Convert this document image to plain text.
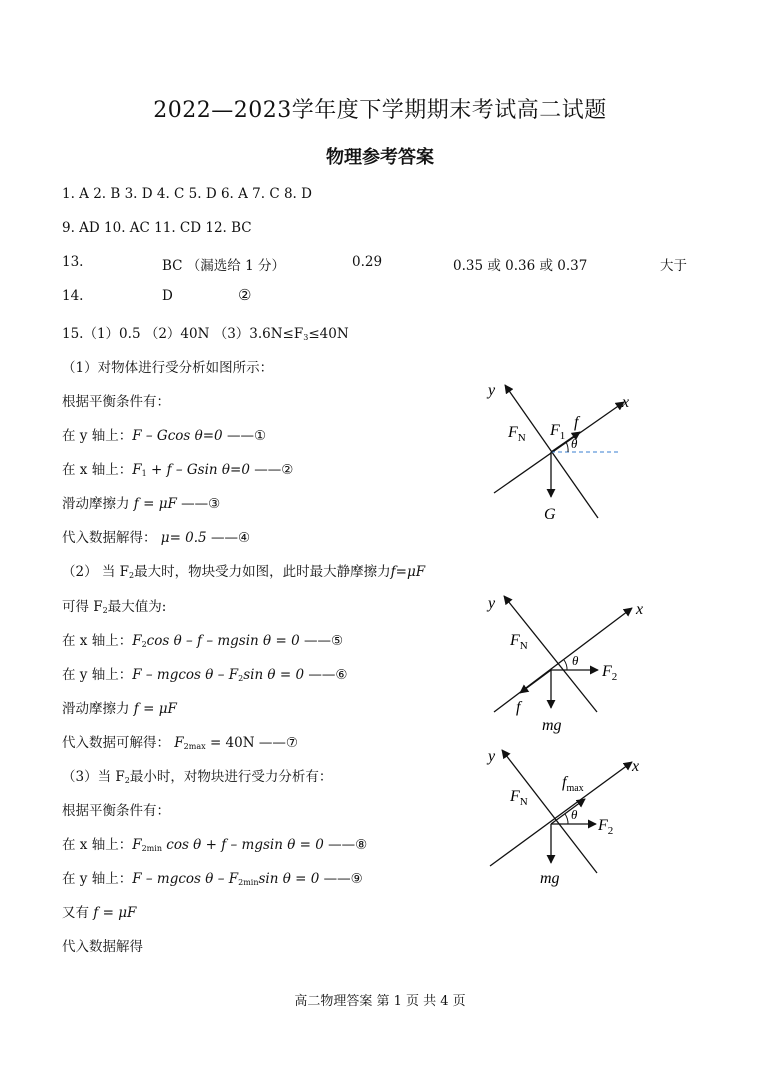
2022—2023学年度下学期期末考试高二试题
物理参考答案
1. A 2. B 3. D 4. C 5. D 6. A 7. C 8. D
9. AD 10. AC 11. CD 12. BC
13.	BC （漏选给 1 分）	0.29	0.35 或 0.36 或 0.37	大于
14.	D	②
15.（1）0.5 （2）40N $(3)3.6N\le F_3\le 40N$
（1）对物体进行受分析如图所示：
根据平衡条件有：
在 y 轴上：F – Gcos θ=0 ——①
在 x 轴上：$F_1 + f - Gsin$ θ=0 ——②
滑动摩擦力 f = μF ——③
代入数据解得： μ= 0.5 ——④
（2） 当 $F_2$最大时，物块受力如图，此时最大静摩擦力f=μF
可得 $F_2$最大值为:
在 x 轴上：$F_2\cos$ θ – f – mgsin θ = 0 ——⑤
在 y 轴上：F – mgcos θ – $F_2\sin$ θ = 0 ——⑥
滑动摩擦力 f = μF
代入数据可解得： $F_{2max} = 40N$ ——⑦
（3）当 $F_2$最小时，对物块进行受力分析有：
根据平衡条件有：
在 x 轴上：$F_{2min}$ cos θ + f – mgsin θ = 0 ——⑧
在 y 轴上：F – mgcos θ – $F_{2min}\sin$ θ = 0 ——⑨
又有 f = μF
代入数据解得
y
x
$F_N$ $F_1$
f
θ
G
y	x
$F_N$
θ
$F_2$
f
mg
y
x
$F_N$
$f_{max}$
θ
$F_2$
mg
高二物理答案 第 1 页 共 4 页
